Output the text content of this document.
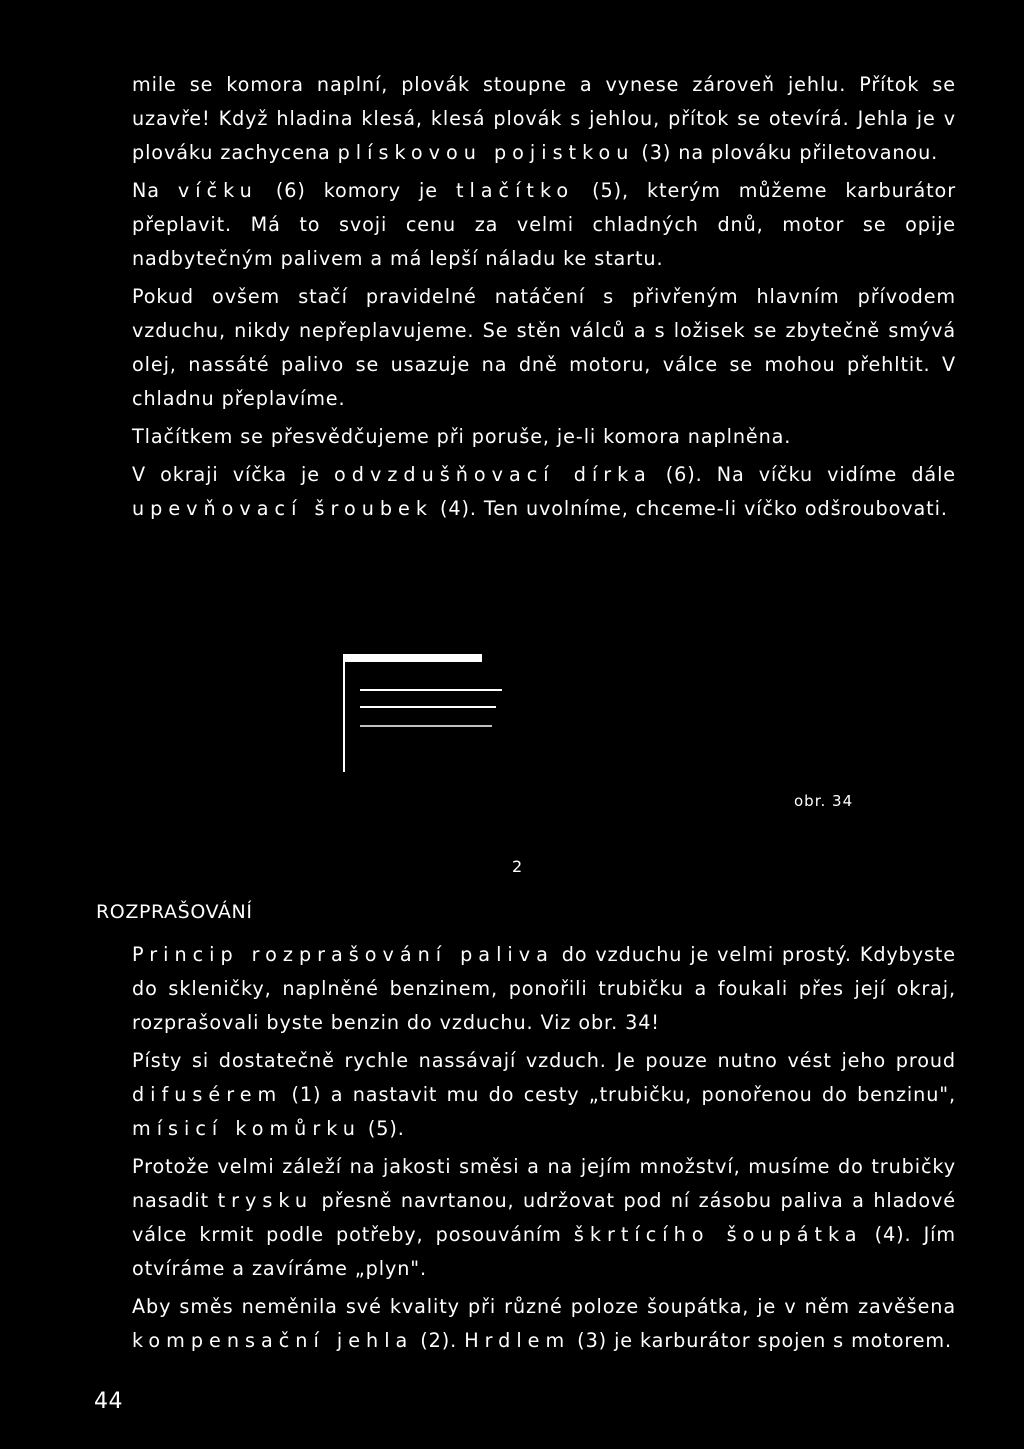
mile se komora naplní, plovák stoupne a vynese zároveň jehlu. Přítok se uzavře! Když hladina klesá, klesá plovák s jehlou, přítok se otevírá. Jehla je v plováku zachycena plískovou pojistkou (3) na plováku přiletovanou.

Na víčku (6) komory je tlačítko (5), kterým můžeme karburátor přeplavit. Má to svoji cenu za velmi chladných dnů, motor se opije nadbytečným palivem a má lepší náladu ke startu.

Pokud ovšem stačí pravidelné natáčení s přivřeným hlavním přívodem vzduchu, nikdy nepřeplavujeme. Se stěn válců a s ložisek se zbytečně smývá olej, nassáté palivo se usazuje na dně motoru, válce se mohou přehltit. V chladnu přeplavíme.

Tlačítkem se přesvědčujeme při poruše, je-li komora naplněna.

V okraji víčka je odvzdušňovací dírka (6). Na víčku vidíme dále upevňovací šroubek (4). Ten uvolníme, chceme-li víčko odšroubovati.

obr. 34
2
ROZPRAŠOVÁNÍ

Princip rozprašování paliva do vzduchu je velmi prostý. Kdybyste do skleničky, naplněné benzinem, ponořili trubičku a foukali přes její okraj, rozprašovali byste benzin do vzduchu. Viz obr. 34!

Písty si dostatečně rychle nassávají vzduch. Je pouze nutno vést jeho proud difusérem (1) a nastavit mu do cesty „trubičku, ponořenou do benzinu", mísicí komůrku (5).

Protože velmi záleží na jakosti směsi a na jejím množství, musíme do trubičky nasadit trysku přesně navrtanou, udržovat pod ní zásobu paliva a hladové válce krmit podle potřeby, posouváním škrtícího šoupátka (4). Jím otvíráme a zavíráme „plyn".

Aby směs neměnila své kvality při různé poloze šoupátka, je v něm zavěšena kompensační jehla (2). Hrdlem (3) je karburátor spojen s motorem.

44
